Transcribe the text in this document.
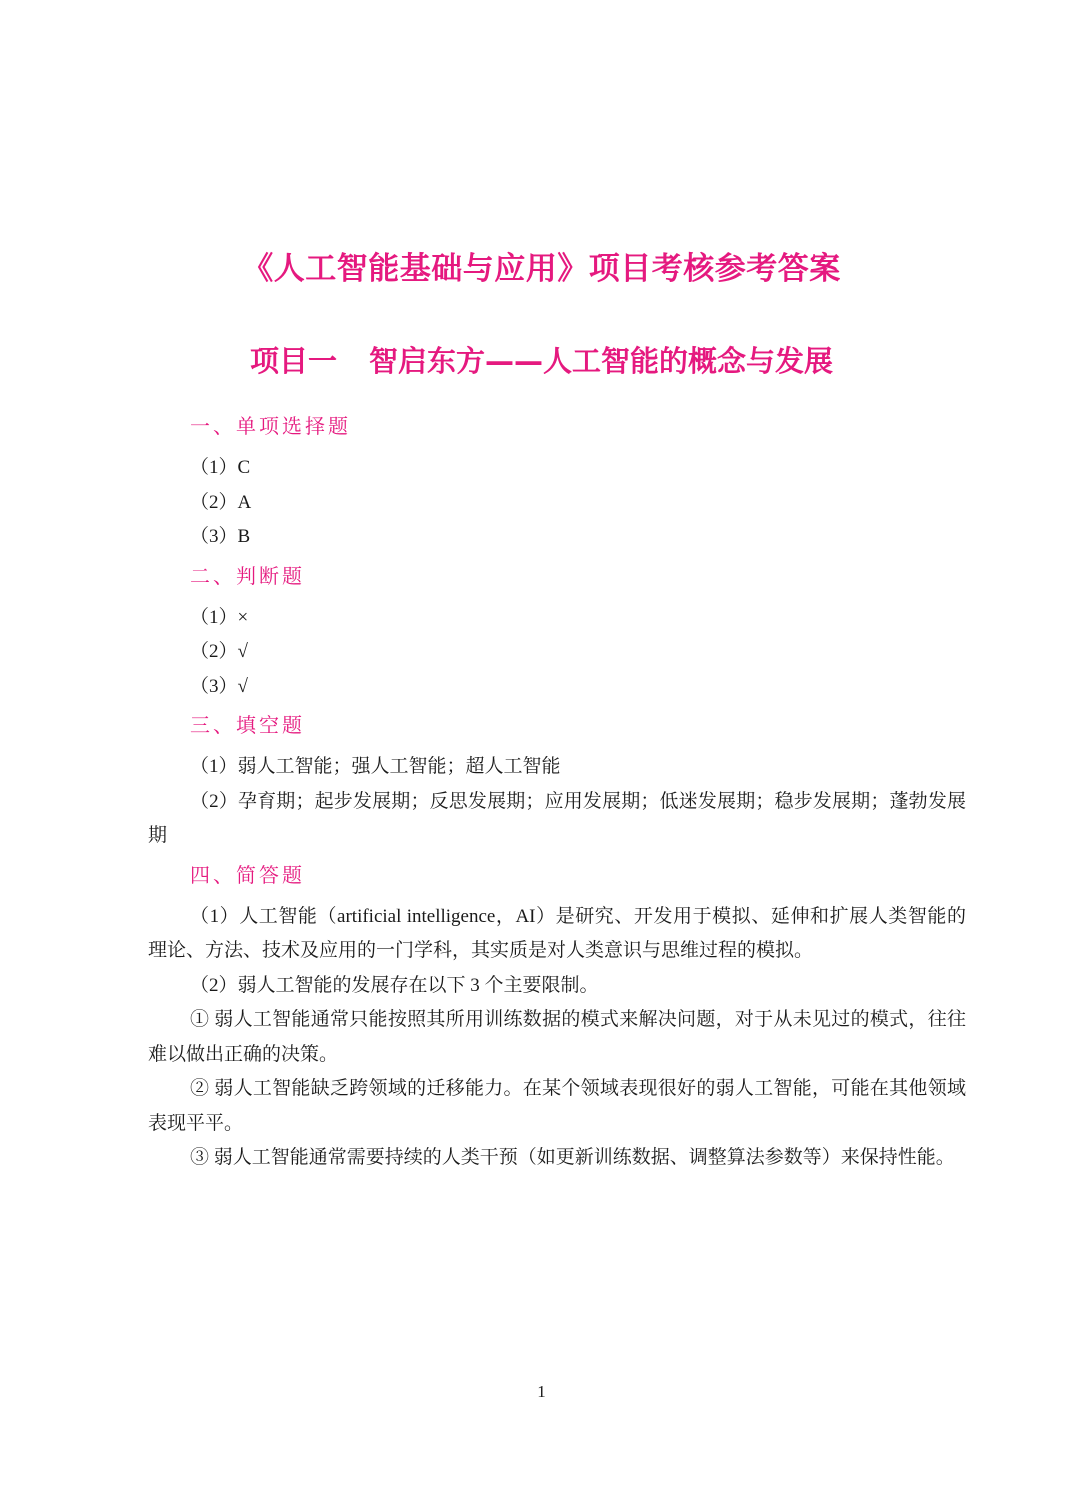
《人工智能基础与应用》项目考核参考答案
项目一 智启东方——人工智能的概念与发展
一、单项选择题

（1）C

（2）A

（3）B

二、判断题

（1）×

（2）√

（3）√

三、填空题

（1）弱人工智能；强人工智能；超人工智能

（2）孕育期；起步发展期；反思发展期；应用发展期；低迷发展期；稳步发展期；蓬勃发展期

四、简答题

（1）人工智能（artificial intelligence，AI）是研究、开发用于模拟、延伸和扩展人类智能的理论、方法、技术及应用的一门学科，其实质是对人类意识与思维过程的模拟。

（2）弱人工智能的发展存在以下 3 个主要限制。

① 弱人工智能通常只能按照其所用训练数据的模式来解决问题，对于从未见过的模式，往往难以做出正确的决策。

② 弱人工智能缺乏跨领域的迁移能力。在某个领域表现很好的弱人工智能，可能在其他领域表现平平。

③ 弱人工智能通常需要持续的人类干预（如更新训练数据、调整算法参数等）来保持性能。

1
